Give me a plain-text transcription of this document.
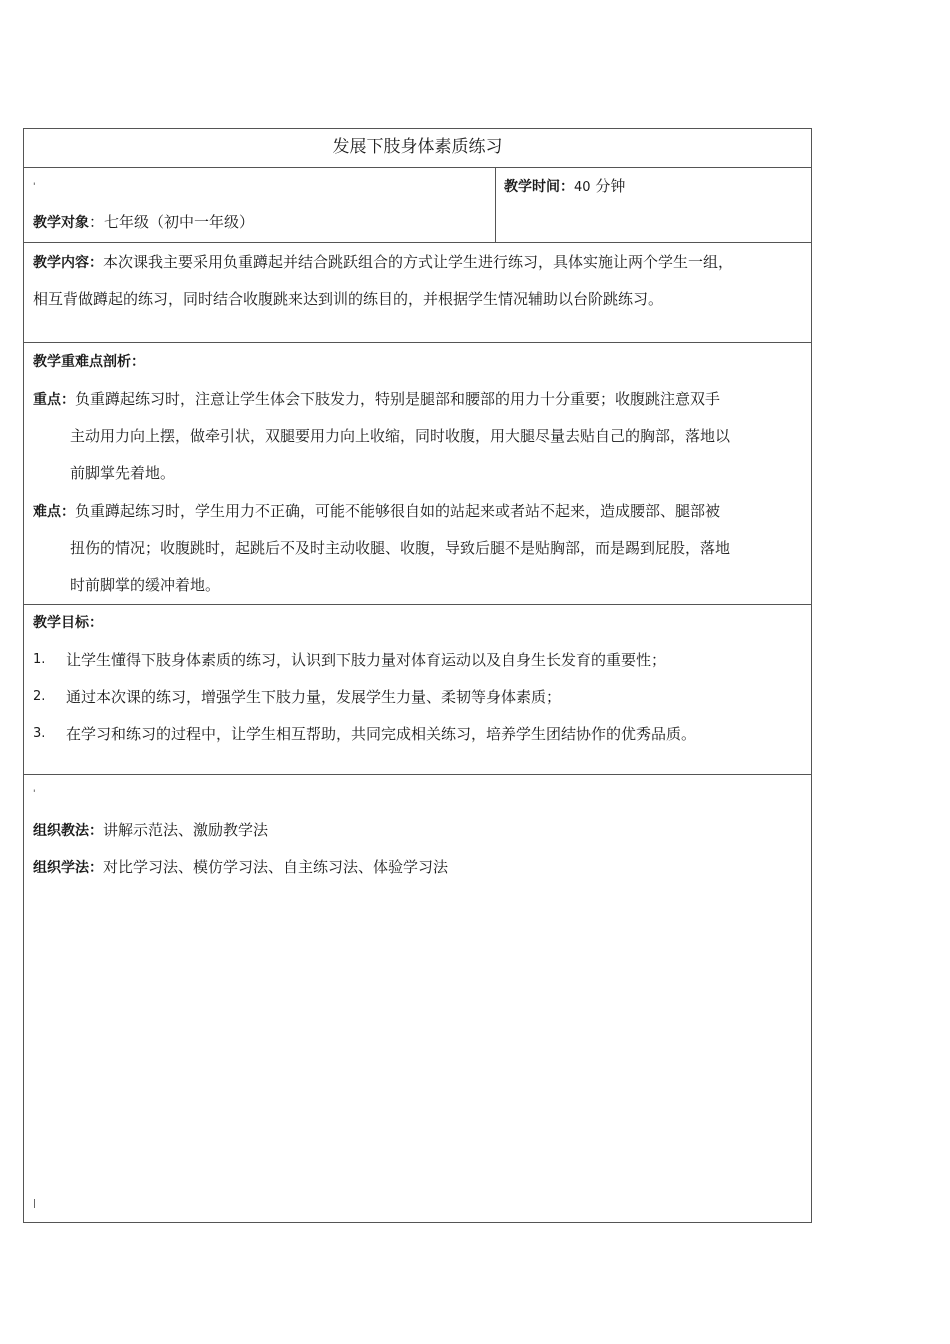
发展下肢身体素质练习
'
教学对象：七年级（初中一年级）
教学时间：40 分钟
教学内容：本次课我主要采用负重蹲起并结合跳跃组合的方式让学生进行练习，具体实施让两个学生一组，
相互背做蹲起的练习，同时结合收腹跳来达到训的练目的，并根据学生情况辅助以台阶跳练习。
教学重难点剖析：
重点：负重蹲起练习时，注意让学生体会下肢发力，特别是腿部和腰部的用力十分重要；收腹跳注意双手
主动用力向上摆，做牵引状，双腿要用力向上收缩，同时收腹，用大腿尽量去贴自己的胸部，落地以
前脚掌先着地。
难点：负重蹲起练习时，学生用力不正确，可能不能够很自如的站起来或者站不起来，造成腰部、腿部被
扭伤的情况；收腹跳时，起跳后不及时主动收腿、收腹，导致后腿不是贴胸部，而是踢到屁股，落地
时前脚掌的缓冲着地。
教学目标：
1. 让学生懂得下肢身体素质的练习，认识到下肢力量对体育运动以及自身生长发育的重要性；
2. 通过本次课的练习，增强学生下肢力量，发展学生力量、柔韧等身体素质；
3. 在学习和练习的过程中，让学生相互帮助，共同完成相关练习，培养学生团结协作的优秀品质。
'
组织教法：讲解示范法、激励教学法
组织学法：对比学习法、模仿学习法、自主练习法、体验学习法
|
